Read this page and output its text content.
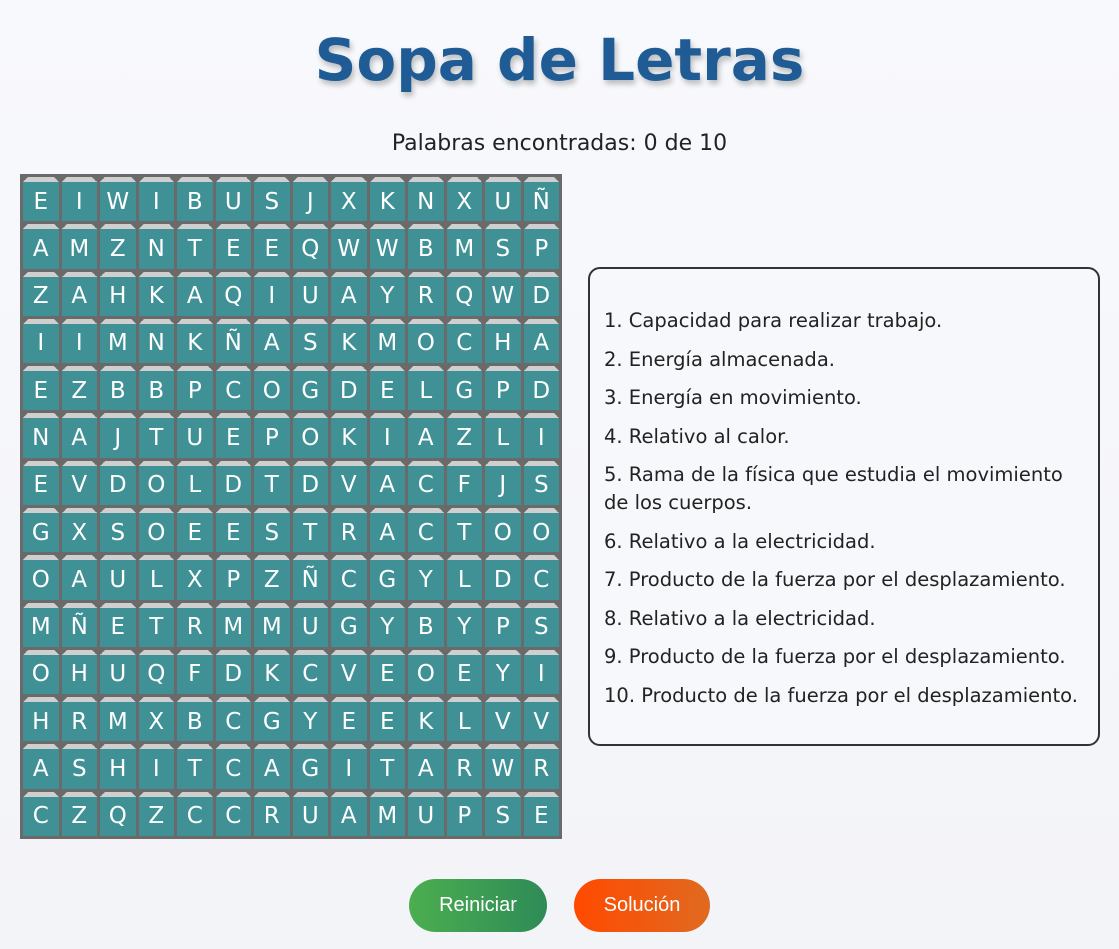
Sopa de Letras
Palabras encontradas: 0 de 10
E	I	W	I	B U S	J	X	K N X U Ñ
A M Z N T	E	E Q W W B M S	P
Z A H K	A Q	I	U A	Y	R Q W D
I	I	M N K Ñ A	S	K M O C H A
E	Z B B	P	C O G D E	L	G P D
N A	J	T	U E	P O K	I	A Z	L	I
E	V D O	L	D T D V A C	F	J	S
G X	S O E	E	S	T	R A C	T O O
O A U	L	X	P	Z Ñ C G Y	L	D C
M Ñ E	T	R M M U G Y	B	Y	P	S
O H U Q F	D K C V	E O E	Y	I
H R M X B C G Y	E	E	K	L	V V
A	S H	I	T	C A G	I	T	A R W R
C Z Q Z C C R U A M U	P	S	E
1. Capacidad para realizar trabajo.
2. Energía almacenada.
3. Energía en movimiento.
4. Relativo al calor.
5. Rama de la física que estudia el movimiento de los cuerpos.
6. Relativo a la electricidad.
7. Producto de la fuerza por el desplazamiento.
8. Relativo a la electricidad.
9. Producto de la fuerza por el desplazamiento.
10. Producto de la fuerza por el desplazamiento.
Reiniciar	Solución
